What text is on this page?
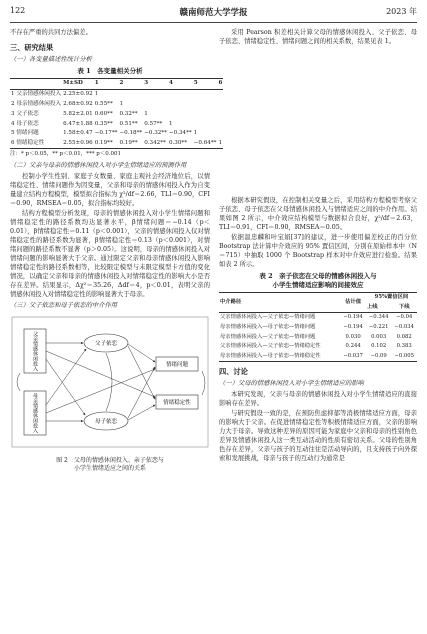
122	赣南师范大学学报	2023 年

不存在严重的共同方法偏差。

三、研究结果
（一）各变量描述性统计分析
表 1　各变量相关分析
	M±SD	1	2	3	4	5	6
1 父亲情感休闲投入	2.25±0.92	1					
2 母亲情感休闲投入	2.68±0.92	0.55**	1				
3 父子依恋	5.82±2.01	0.60**	0.32**	1			
4 母子依恋	6.47±1.88	0.35**	0.51**	0.57**	1		
5 情绪问题	1.58±0.47	−0.17**	−0.18**	−0.32**	−0.34**	1	
6 情绪稳定性	2.55±0.96	0.19**	0.19**	0.342**	0.30**	−0.64**	1
注：* p＜0.05，** p＜0.01，*** p＜0.001
（二）父亲与母亲的情感休闲投入对小学生情绪适应的预测作用

控制小学生性别、家庭子女数量、家庭主观社会经济地位后，以情绪稳定性、情绪问题作为因变量，父亲和母亲的情感休闲投入作为自变量建立结构方程模型，模型拟合指标为 χ²/df＝2.66，TLI＝0.90，CFI＝0.90，RMSEA＝0.05，拟合指标均较好。

结构方程模型分析发现，母亲的情感休闲投入对小学生情绪问题和情绪稳定性的路径系数均达显著水平，β情绪问题＝−0.14（p＜0.01），β情绪稳定性＝0.11（p＜0.001），父亲的情感休闲投入仅对情绪稳定性的路径系数为显著，β情绪稳定性＝0.13（p＜0.001），对情绪问题的路径系数不显著（p＞0.05）。这说明，母亲的情感休闲投入对情绪问题的影响显著大于父亲。通过限定父亲和母亲情感休闲投入影响情绪稳定性的路径系数相等，比较限定模型与未限定模型卡方值的变化情况，以确定父亲和母亲的情感休闲投入对情绪稳定性的影响大小是否存在差异。结果显示，Δχ²＝35.26，Δdf＝4，p＜0.01，表明父亲的情感休闲投入对情绪稳定性的影响显著大于母亲。

（三）父子依恋和母子依恋的中介作用
父亲情感休闲投入
母亲情感休闲投入
父子依恋
母子依恋
情绪问题
情绪稳定性
图 2　父母的情感休闲投入、亲子依恋与
小学生情绪适应之间的关系

采用 Pearson 积差相关计算父母的情感休闲投入、父子依恋、母子依恋、情绪稳定性、情绪问题之间的相关系数，结果见表 1。

根据本研究假设，在控制相关变量之后，采用结构方程模型考察父子依恋、母子依恋在父母情感休闲投入与情绪适应之间的中介作用。结果如图 2 所示，中介效应结构模型与数据拟合良好，χ²/df＝2.63，TLI＝0.91，CFI＝0.90，RMSEA＝0.05。

依据温忠麟和叶宝娟[37]的建议，进一步使用偏差校正的百分位 Bootstrap 法计算中介效应的 95% 置信区间，分别在原始样本中（N＝715）中抽取 1000 个 Bootstrap 样本对中介效应进行检验。结果如表 2 所示。

表 2　亲子依恋在父母的情感休闲投入与
小学生情绪适应影响的间接效应
中介路径	估计值	95%置信区间	
		上线	下线
父亲情感休闲投入—父子依恋—情绪问题	−0.194	−0.344	−0.04
母亲情感休闲投入—母子依恋—情绪问题	−0.194	−0.221	−0.034
母亲情感休闲投入—父子依恋—情绪问题	0.030	0.003	0.082
父亲情感休闲投入—父子依恋—情绪稳定性	0.244	0.102	0.383
母亲情感休闲投入—母子依恋—情绪稳定性	−0.037	−0.09	−0.005
四、讨论
（一）父母的情感休闲投入对小学生情绪适应的影响

本研究发现，父亲与母亲的情感休闲投入对小学生情绪适应的直接影响存在差异。

与研究假设一致的是，在预防焦虑抑郁等消极情绪适应方面，母亲的影响大于父亲。在促进情绪稳定性等积极情绪适应方面，父亲的影响力大于母亲。导致这种差异的原因可能为家庭中父亲和母亲的性别角色差异及情感休闲投入这一类互动活动的性质有密切关系。父母的性别角色存在差异，父亲与孩子的互动往往是活动导向的，且支持孩子向外探索和发展挑战，母亲与孩子的互动行为通常是
